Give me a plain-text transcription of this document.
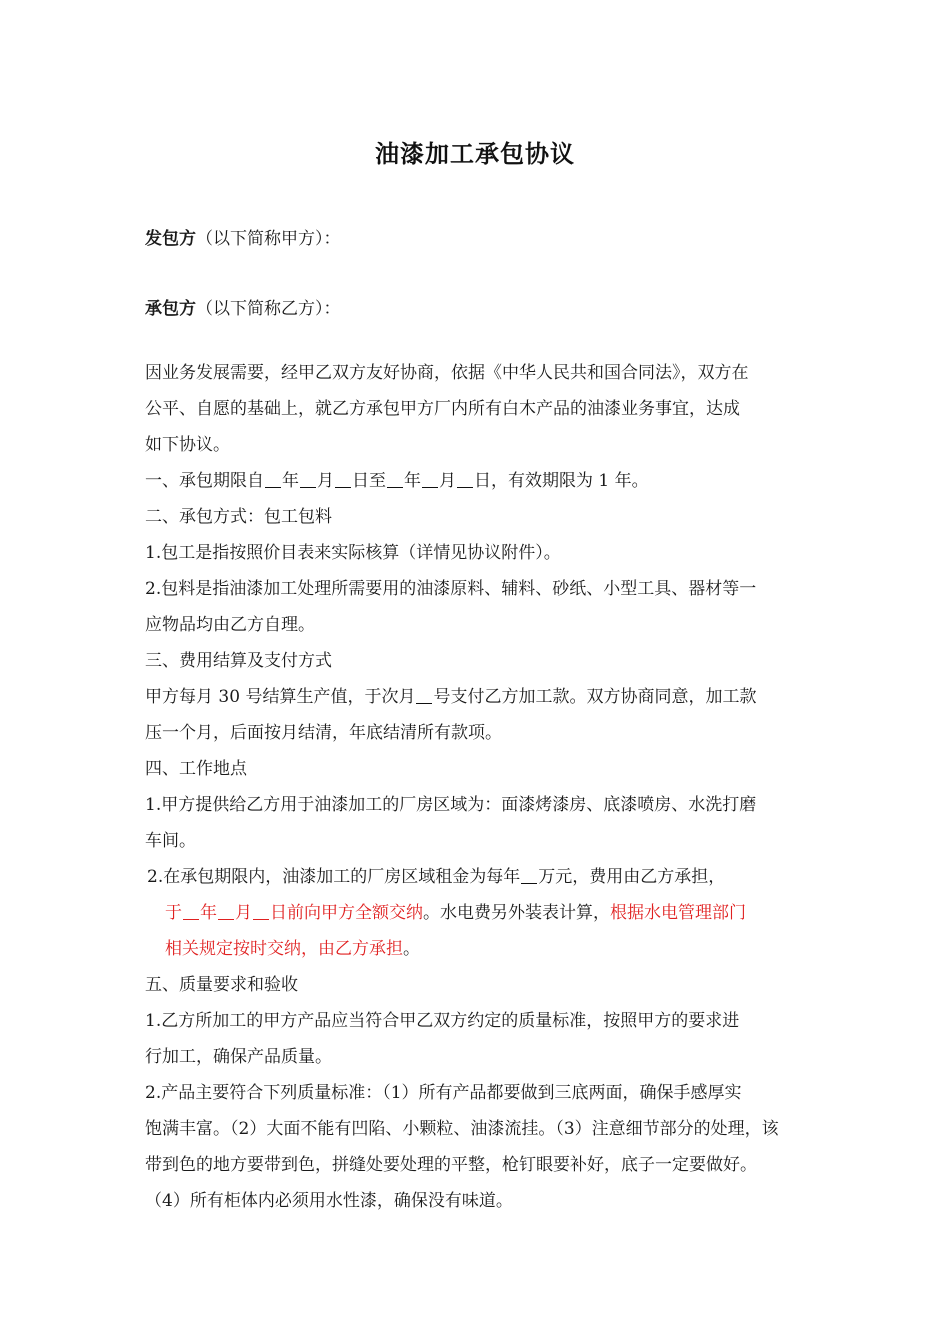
油漆加工承包协议
发包方（以下简称甲方）：
承包方（以下简称乙方）：

因业务发展需要，经甲乙双方友好协商，依据《中华人民共和国合同法》，双方在

公平、自愿的基础上，就乙方承包甲方厂内所有白木产品的油漆业务事宜，达成

如下协议。

一、承包期限自 年 月 日至 年 月 日，有效期限为 1 年。

二、承包方式：包工包料

1.包工是指按照价目表来实际核算（详情见协议附件）。

2.包料是指油漆加工处理所需要用的油漆原料、辅料、砂纸、小型工具、器材等一

应物品均由乙方自理。

三、费用结算及支付方式

甲方每月 30 号结算生产值，于次月 号支付乙方加工款。双方协商同意，加工款

压一个月，后面按月结清，年底结清所有款项。

四、工作地点

1.甲方提供给乙方用于油漆加工的厂房区域为：面漆烤漆房、底漆喷房、水洗打磨

车间。

2.在承包期限内，油漆加工的厂房区域租金为每年 万元，费用由乙方承担，

于 年 月 日前向甲方全额交纳。水电费另外装表计算，根据水电管理部门

相关规定按时交纳，由乙方承担。

五、质量要求和验收

1.乙方所加工的甲方产品应当符合甲乙双方约定的质量标准，按照甲方的要求进

行加工，确保产品质量。

2.产品主要符合下列质量标准：（1）所有产品都要做到三底两面，确保手感厚实

饱满丰富。（2）大面不能有凹陷、小颗粒、油漆流挂。（3）注意细节部分的处理，该

带到色的地方要带到色，拼缝处要处理的平整，枪钉眼要补好，底子一定要做好。

（4）所有柜体内必须用水性漆，确保没有味道。
